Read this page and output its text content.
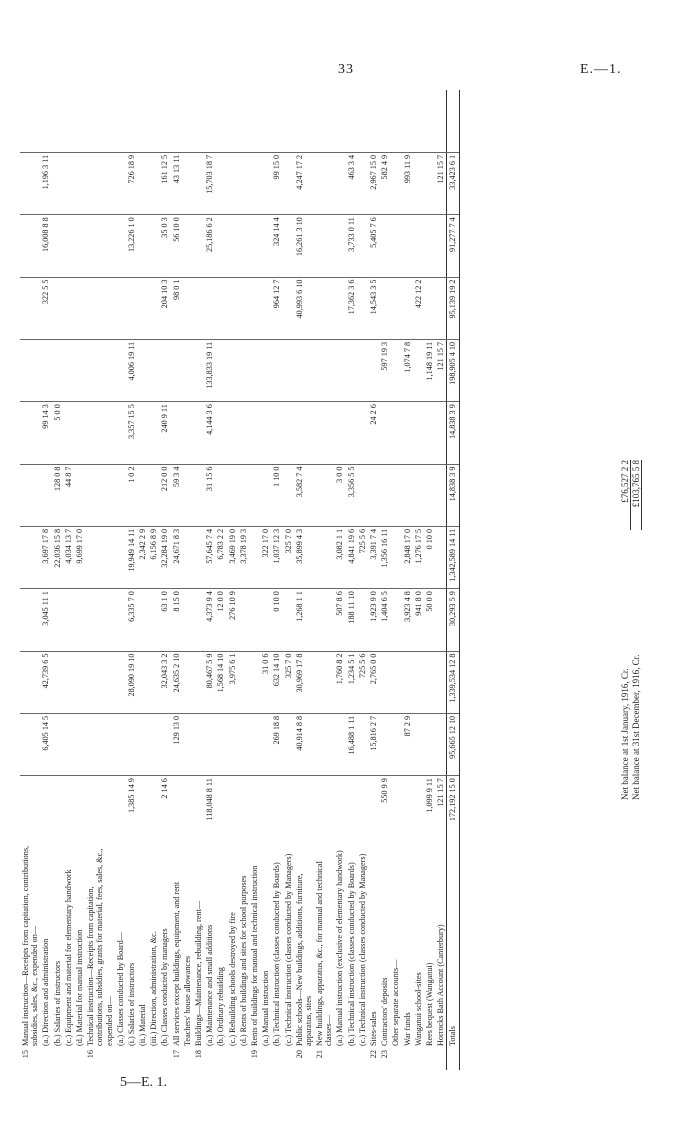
33	E.—1.
15	Manual instruction—Receipts from capitation, contributions, subsidies, sales, &c., expended on—												
	(a.) Direction and administration		6,405 14 5	42,739 6 5	3,045 11 1	3,697 17 8		99 14 3		322 5 5	16,008 8 8	1,196 3 11	
	(b.) Salaries of instructors					22,036 15 8	128 0 8	5 0 0					
	(c.) Equipment and material for elementary handwork					4,034 13 7	44 8 7						
	(d.) Material for manual instruction					9,699 17 0							
16	Technical instruction—Receipts from capitation, contributions, subsidies, grants for material, fees, sales, &c., expended on—												
	(a.) Classes conducted by Board—												
	(i.) Salaries of instructors	1,385 14 9		28,090 19 10	6,335 7 0	19,949 14 11	1 0 2	3,357 15 5	4,006 19 11		13,226 1 0	726 18 9	
	(ii.) Material					2,342 2 9							
	(iii.) Direction, administration, &c.					6,156 8 9							
	(b.) Classes conducted by managers	2 14 6		32,043 3 2	63 1 0	32,284 19 0	212 0 0	240 9 11		204 10 3	35 0 3	161 12 5	
17	All services except buildings, equipment, and rent		129 13 0	24,635 2 10	8 15 0	24,671 8 3	59 3 4			98 0 1	56 10 0	43 13 11	
	Teachers' house allowances												
18	Buildings—Maintenance, rebuilding, rent—												
	(a.) Maintenance and small additions	118,048 8 11		80,467 5 9	4,373 9 4	57,645 7 4	31 15 6	4,144 3 6	133,833 19 11		25,186 6 2	15,703 18 7	
	(b.) Ordinary rebuilding			1,568 14 10	12 0 0	6,783 2 2							
	(c.) Rebuilding schools destroyed by fire			3,975 6 1	276 10 9	3,469 19 0							
	(d.) Rents of buildings and sites for school purposes					3,378 19 3							
19	Rents of buildings for manual and technical instruction												
	(a.) Manual instruction			31 0 6		322 17 0							
	(b.) Technical instruction (classes conducted by Boards)		269 18 8	632 14 10	0 10 0	1,037 12 3	1 10 0			964 12 7	324 14 4	99 15 0	
	(c.) Technical instruction (classes conducted by Managers)			325 7 0		325 7 0							
20	Public schools—New buildings, additions, furniture, apparatus, sites		40,914 8 8	30,969 17 8	1,268 1 1	35,899 4 3	3,582 7 4			40,993 6 10	16,261 3 10	4,247 17 2	
21	New buildings, apparatus, &c., for manual and technical classes—												
	(a.) Manual instruction (exclusive of elementary handwork)			1,760 8 2	507 8 6	3,082 1 1	3 0 0						
	(b.) Technical instruction (classes conducted by Boards)		16,488 1 11	1,234 5 1	188 11 10	4,841 19 6	3,356 5 5			17,362 3 6	3,733 0 11	463 3 4	
	(c.) Technical instruction (classes conducted by Managers)			725 5 6		725 5 6							
22	Sites-sales		15,816 2 7	2,765 0 0	1,923 9 0	3,391 7 4		24 2 6		14,543 3 5	5,405 7 6	2,967 15 0	
23	Contractors' deposits	550 9 9			1,404 6 5	1,356 16 11			597 19 3			582 4 9	
	Other separate accounts—												
	War funds		87 2 9		3,923 4 8	2,848 17 0			1,074 7 8			993 11 9	
	Wanganui school-sites				941 8 0	1,276 17 5				422 12 2			
	Rees bequest (Wanganui)	1,099 9 11			50 0 0	0 10 0			1,148 19 11				
	Horrocks Bath Account (Canterbury)	121 15 7							121 15 7			121 15 7	
	Totals	172,192 15 0	95,665 12 10	1,339,534 12 8	30,293 5 9	1,342,589 14 11	14,838 3 9	14,838 3 9	198,905 4 10	95,139 19 2	91,277 7 4	33,423 6 1	
Net balance at 1st January, 1916, Cr.
£76,527 2 2
Net balance at 31st December, 1916, Cr.
£103,765 5 8
5—E. 1.
